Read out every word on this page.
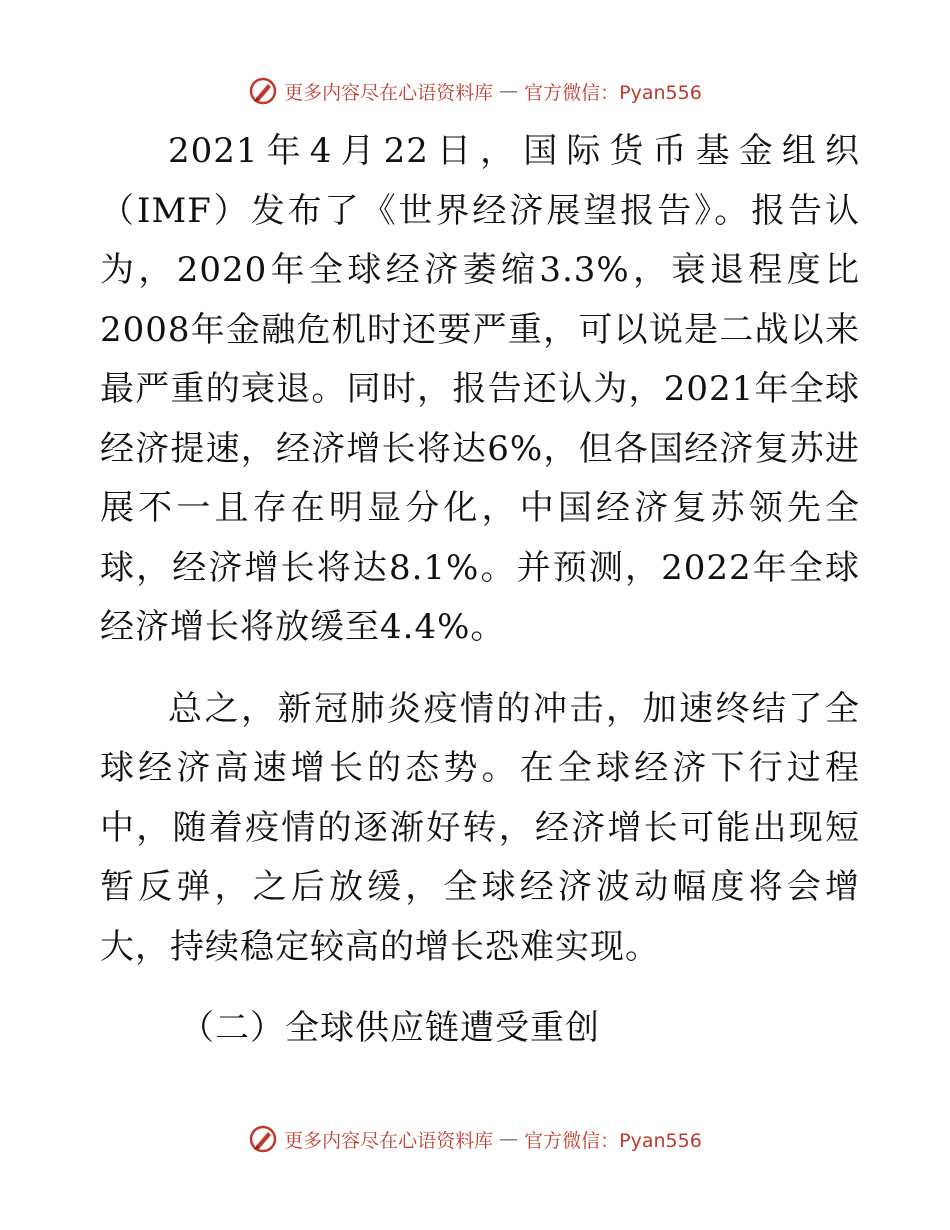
更多内容尽在心语资料库 — 官方微信：Pyan556

2021年4月22日，国际货币基金组织（IMF）发布了《世界经济展望报告》。报告认为，2020年全球经济萎缩3.3%，衰退程度比2008年金融危机时还要严重，可以说是二战以来最严重的衰退。同时，报告还认为，2021年全球经济提速，经济增长将达6%，但各国经济复苏进展不一且存在明显分化，中国经济复苏领先全球，经济增长将达8.1%。并预测，2022年全球经济增长将放缓至4.4%。

总之，新冠肺炎疫情的冲击，加速终结了全球经济高速增长的态势。在全球经济下行过程中，随着疫情的逐渐好转，经济增长可能出现短暂反弹，之后放缓，全球经济波动幅度将会增大，持续稳定较高的增长恐难实现。

（二）全球供应链遭受重创

更多内容尽在心语资料库 — 官方微信：Pyan556
